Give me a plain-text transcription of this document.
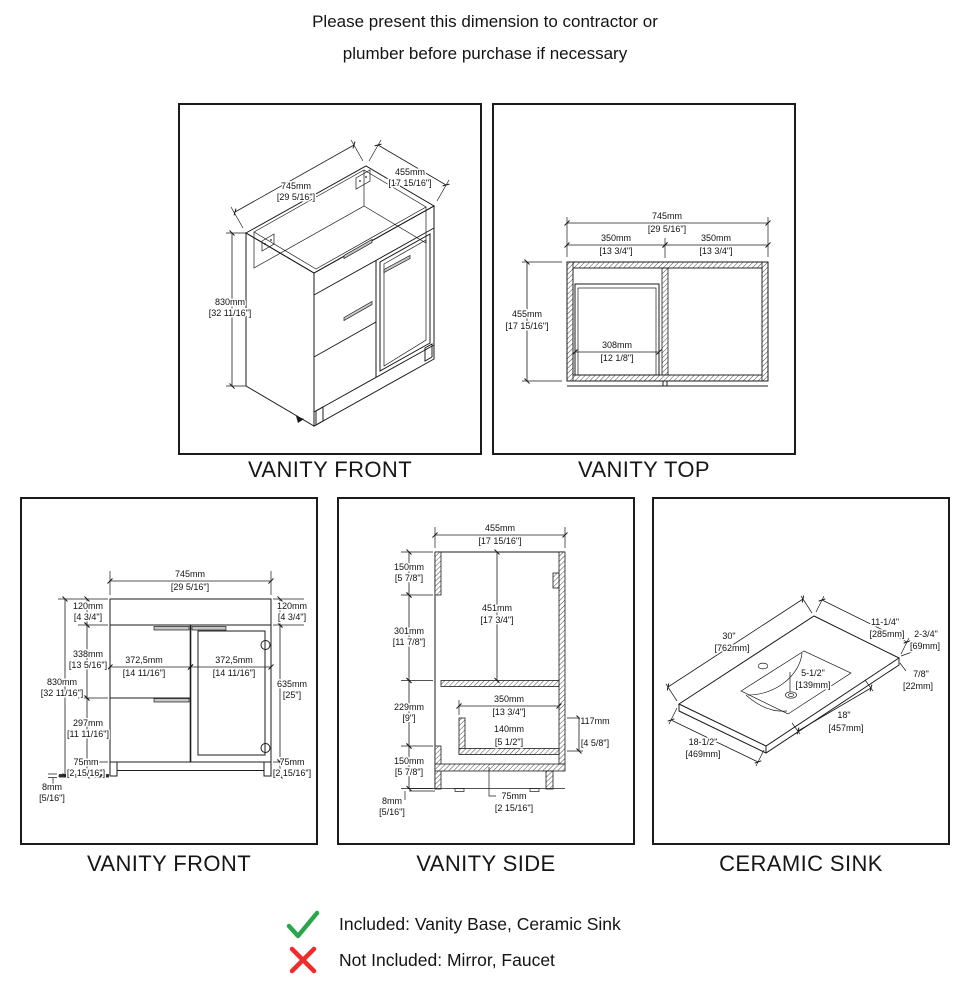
Please present this dimension to contractor or
plumber before purchase if necessary
745mm
[29 5/16"]
455mm
[17 15/16"]
830mm
[32 11/16"]
VANITY FRONT
745mm
[29 5/16"]
350mm
[13 3/4"]
350mm
[13 3/4"]
455mm
[17 15/16"]
308mm
[12 1/8"]
VANITY TOP
745mm
[29 5/16"]
120mm
[4 3/4"]
338mm
[13 5/16"]
830mm
[32 11/16"]
297mm
[11 11/16"]
75mm
[2 15/16"]
8mm
[5/16"]
372,5mm
[14 11/16"]
372,5mm
[14 11/16"]
120mm
[4 3/4"]
635mm
[25"]
75mm
[2 15/16"]
VANITY FRONT
455mm
[17 15/16"]
150mm
[5 7/8"]
301mm
[11 7/8"]
451mm
[17 3/4"]
229mm
[9"]
150mm
[5 7/8"]
8mm
[5/16"]
350mm
[13 3/4"]
140mm
[5 1/2"]
117mm
[4 5/8"]
75mm
[2 15/16"]
VANITY SIDE
30"
[762mm]
11-1/4"
[285mm] 2-3/4"
[69mm]
7/8"
[22mm]
5-1/2"
[139mm]
18"
[457mm]
18-1/2"
[469mm]
CERAMIC SINK
Included: Vanity Base, Ceramic Sink
Not Included: Mirror, Faucet
